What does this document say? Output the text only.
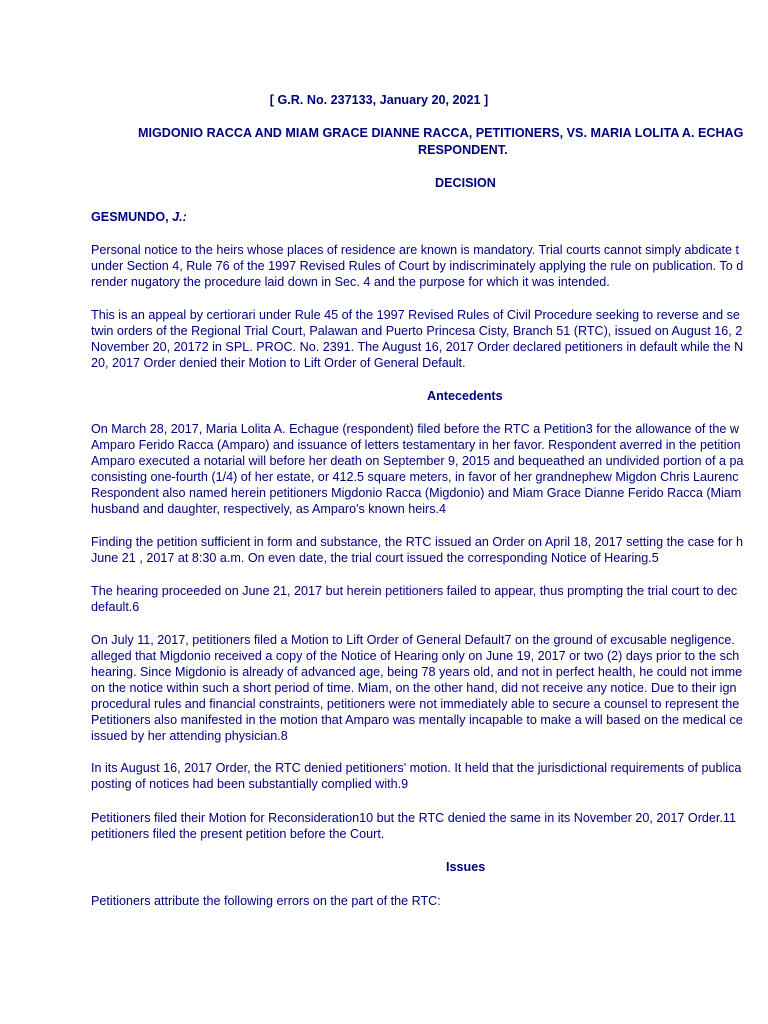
[ G.R. No. 237133, January 20, 2021 ]
MIGDONIO RACCA AND MIAM GRACE DIANNE RACCA, PETITIONERS, VS. MARIA LOLITA A. ECHAG
RESPONDENT.
DECISION
GESMUNDO, J.:
Personal notice to the heirs whose places of residence are known is mandatory. Trial courts cannot simply abdicate t
under Section 4, Rule 76 of the 1997 Revised Rules of Court by indiscriminately applying the rule on publication. To d
render nugatory the procedure laid down in Sec. 4 and the purpose for which it was intended.
This is an appeal by certiorari under Rule 45 of the 1997 Revised Rules of Civil Procedure seeking to reverse and se
twin orders of the Regional Trial Court, Palawan and Puerto Princesa Cisty, Branch 51 (RTC), issued on August 16, 2
November 20, 20172 in SPL. PROC. No. 2391. The August 16, 2017 Order declared petitioners in default while the N
20, 2017 Order denied their Motion to Lift Order of General Default.
Antecedents
On March 28, 2017, Maria Lolita A. Echague (respondent) filed before the RTC a Petition3 for the allowance of the w
Amparo Ferido Racca (Amparo) and issuance of letters testamentary in her favor. Respondent averred in the petition
Amparo executed a notarial will before her death on September 9, 2015 and bequeathed an undivided portion of a pa
consisting one-fourth (1/4) of her estate, or 412.5 square meters, in favor of her grandnephew Migdon Chris Laurenc
Respondent also named herein petitioners Migdonio Racca (Migdonio) and Miam Grace Dianne Ferido Racca (Miam
husband and daughter, respectively, as Amparo's known heirs.4
Finding the petition sufficient in form and substance, the RTC issued an Order on April 18, 2017 setting the case for h
June 21 , 2017 at 8:30 a.m. On even date, the trial court issued the corresponding Notice of Hearing.5
The hearing proceeded on June 21, 2017 but herein petitioners failed to appear, thus prompting the trial court to dec
default.6
On July 11, 2017, petitioners filed a Motion to Lift Order of General Default7 on the ground of excusable negligence.
alleged that Migdonio received a copy of the Notice of Hearing only on June 19, 2017 or two (2) days prior to the sch
hearing. Since Migdonio is already of advanced age, being 78 years old, and not in perfect health, he could not imme
on the notice within such a short period of time. Miam, on the other hand, did not receive any notice. Due to their ign
procedural rules and financial constraints, petitioners were not immediately able to secure a counsel to represent the
Petitioners also manifested in the motion that Amparo was mentally incapable to make a will based on the medical ce
issued by her attending physician.8
In its August 16, 2017 Order, the RTC denied petitioners' motion. It held that the jurisdictional requirements of publica
posting of notices had been substantially complied with.9
Petitioners filed their Motion for Reconsideration10 but the RTC denied the same in its November 20, 2017 Order.11
petitioners filed the present petition before the Court.
Issues
Petitioners attribute the following errors on the part of the RTC:
